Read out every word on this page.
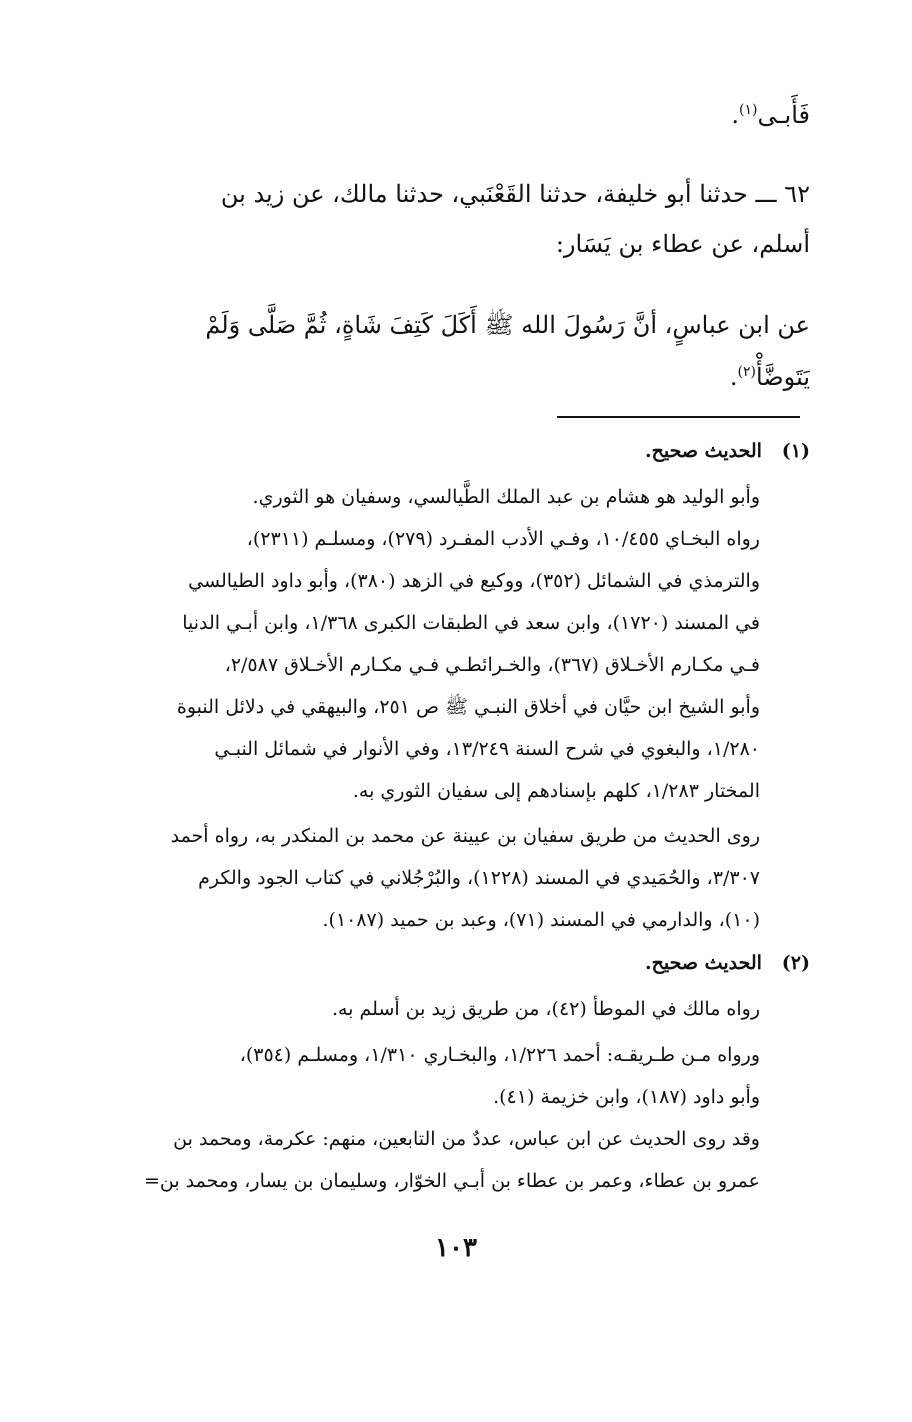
فَأَبـى$^{(١)}$.
٦٢ ـــ حدثنا أبو خليفة، حدثنا القَعْنَبي، حدثنا مالك، عن زيد بن
أسلم، عن عطاء بن يَسَار:
عن ابن عباسٍ، أنَّ رَسُولَ الله ﷺ أَكَلَ كَتِفَ شَاةٍ، ثُمَّ صَلَّى وَلَمْ
يَتَوضَّأْ$^{(٢)}$.
(١)   الحديث صحيح.
وأبو الوليد هو هشام بن عبد الملك الطَّيالسي، وسفيان هو الثوري.
رواه البخـاي ١٠/٤٥٥، وفـي الأدب المفـرد (٢٧٩)، ومسلـم (٢٣١١)،
والترمذي في الشمائل (٣٥٢)، ووكيع في الزهد (٣٨٠)، وأبو داود الطيالسي
في المسند (١٧٢٠)، وابن سعد في الطبقات الكبرى ١/٣٦٨، وابن أبـي الدنيا
فـي مكـارم الأخـلاق (٣٦٧)، والخـرائطـي فـي مكـارم الأخـلاق ٢/٥٨٧،
وأبو الشيخ ابن حيَّان في أخلاق النبـي ﷺ ص ٢٥١، والبيهقي في دلائل النبوة
١/٢٨٠، والبغوي في شرح السنة ١٣/٢٤٩، وفي الأنوار في شمائل النبـي
المختار ١/٢٨٣، كلهم بإسنادهم إلى سفيان الثوري به.
روى الحديث من طريق سفيان بن عيينة عن محمد بن المنكدر به، رواه أحمد
٣/٣٠٧، والحُمَيدي في المسند (١٢٢٨)، والبُرْجُلاني في كتاب الجود والكرم
(١٠)، والدارمي في المسند (٧١)، وعبد بن حميد (١٠٨٧).
(٢)   الحديث صحيح.
رواه مالك في الموطأ (٤٢)، من طريق زيد بن أسلم به.
ورواه مـن طـريقـه: أحمد ١/٢٢٦، والبخـاري ١/٣١٠، ومسلـم (٣٥٤)،
وأبو داود (١٨٧)، وابن خزيمة (٤١).
وقد روى الحديث عن ابن عباس، عددٌ من التابعين، منهم: عكرمة، ومحمد بن
عمرو بن عطاء، وعمر بن عطاء بن أبـي الخوّار، وسليمان بن يسار، ومحمد بن=
١٠٣
